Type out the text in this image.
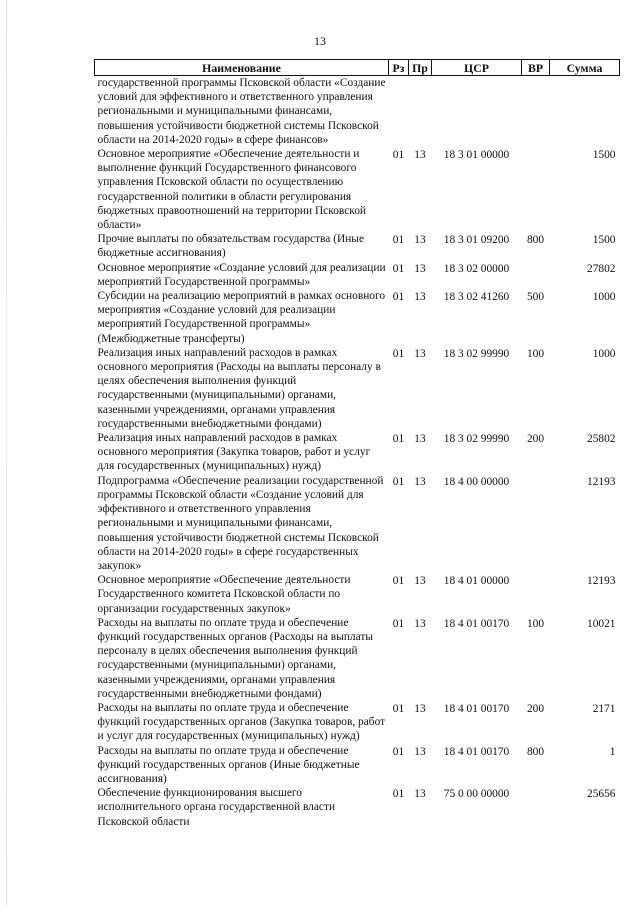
13
Наименование	Рз	Пр	ЦСР	ВР	Сумма
государственной программы Псковской области «Создание условий для эффективного и ответственного управления региональными и муниципальными финансами, повышения устойчивости бюджетной системы Псковской области на 2014-2020 годы» в сфере финансов»					
Основное мероприятие «Обеспечение деятельности и выполнение функций Государственного финансового управления Псковской области по осуществлению государственной политики в области регулирования бюджетных правоотношений на территории Псковской области»	01	13	18 3 01 00000		1500
Прочие выплаты по обязательствам государства (Иные бюджетные ассигнования)	01	13	18 3 01 09200	800	1500
Основное мероприятие «Создание условий для реализации мероприятий Государственной программы»	01	13	18 3 02 00000		27802
Субсидии на реализацию мероприятий в рамках основного мероприятия «Создание условий для реализации мероприятий Государственной программы» (Межбюджетные трансферты)	01	13	18 3 02 41260	500	1000
Реализация иных направлений расходов в рамках основного мероприятия (Расходы на выплаты персоналу в целях обеспечения выполнения функций государственными (муниципальными) органами, казенными учреждениями, органами управления государственными внебюджетными фондами)	01	13	18 3 02 99990	100	1000
Реализация иных направлений расходов в рамках основного мероприятия (Закупка товаров, работ и услуг для государственных (муниципальных) нужд)	01	13	18 3 02 99990	200	25802
Подпрограмма «Обеспечение реализации государственной программы Псковской области «Создание условий для эффективного и ответственного управления региональными и муниципальными финансами, повышения устойчивости бюджетной системы Псковской области на 2014-2020 годы» в сфере государственных закупок»	01	13	18 4 00 00000		12193
Основное мероприятие «Обеспечение деятельности Государственного комитета Псковской области по организации государственных закупок»	01	13	18 4 01 00000		12193
Расходы на выплаты по оплате труда и обеспечение функций государственных органов (Расходы на выплаты персоналу в целях обеспечения выполнения функций государственными (муниципальными) органами, казенными учреждениями, органами управления государственными внебюджетными фондами)	01	13	18 4 01 00170	100	10021
Расходы на выплаты по оплате труда и обеспечение функций государственных органов (Закупка товаров, работ и услуг для государственных (муниципальных) нужд)	01	13	18 4 01 00170	200	2171
Расходы на выплаты по оплате труда и обеспечение функций государственных органов (Иные бюджетные ассигнования)	01	13	18 4 01 00170	800	1
Обеспечение функционирования высшего исполнительного органа государственной власти Псковской области	01	13	75 0 00 00000		25656
